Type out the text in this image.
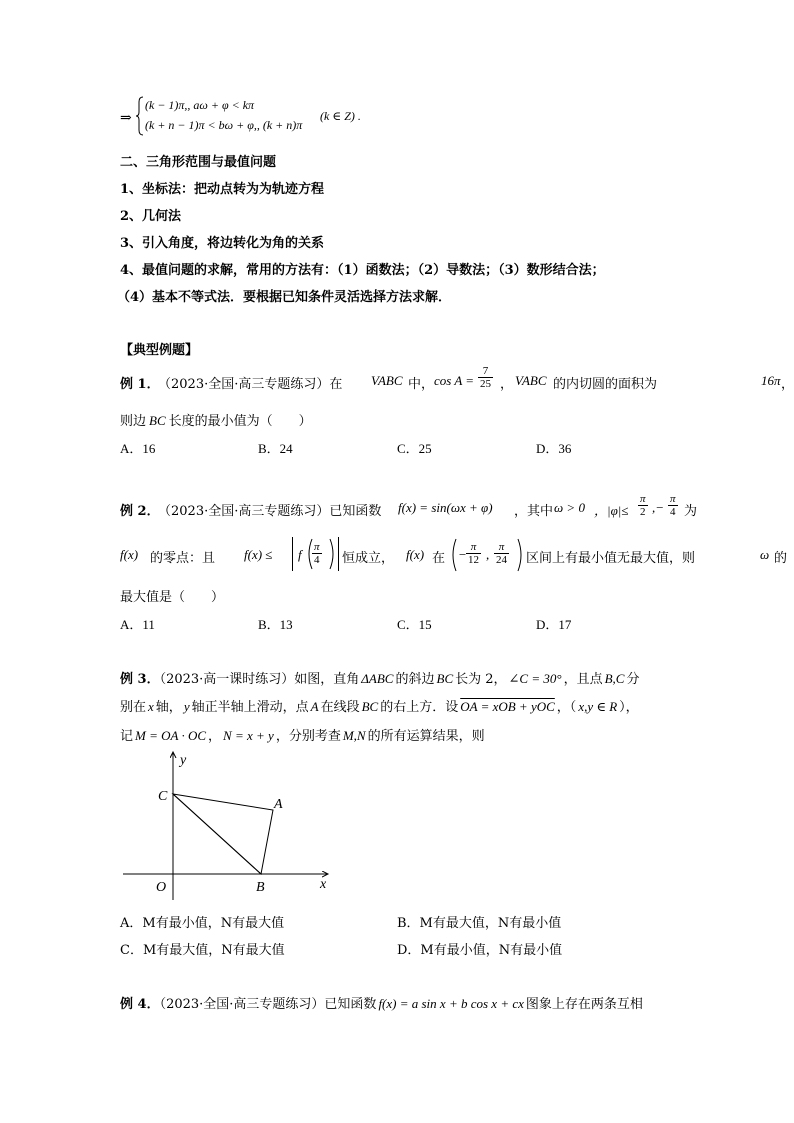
⇒
(k − 1)π,, aω + φ < kπ
(k + n − 1)π < bω + φ,, (k + n)π
(k ∈ Z) .
二、三角形范围与最值问题
1、坐标法：把动点转为为轨迹方程
2、几何法
3、引入角度，将边转化为角的关系
4、最值问题的求解，常用的方法有：（1）函数法；（2）导数法；（3）数形结合法；
（4）基本不等式法．要根据已知条件灵活选择方法求解．
【典型例题】
例 1．
（2023·全国·高三专题练习）在 VABC 中， $\cos A = \frac{7}{25}$ ， VABC 的内切圆的面积为	16π ，
则边 BC 长度的最小值为（　　）
A．16	B．24	C．25	D．36
例 2．
（2023·全国·高三专题练习）已知函数 f(x) = sin(ωx + φ) ，其中 ω > 0 ，$|\varphi|\le \frac{\pi}{2}$ ,− $\frac{\pi}{4}$ 为
f(x) 的零点：且 f(x) ≤ f $\frac{\pi}{4}$ 恒成立， f(x) 在 − $\frac{\pi}{12}$ , $\frac{\pi}{24}$ 区间上有最小值无最大值，则	ω 的
最大值是（　　）
A．11	B．13	C．15	D．17
例 3．（2023·高一课时练习）如图，直角 ΔABC 的斜边 BC 长为 2， ∠C = 30° ，且点 B,C 分
别在 x 轴， y 轴正半轴上滑动，点 A 在线段 BC 的右上方．设 OA = xOB + yOC ，（ x,y ∈ R ），
记 M = OA · OC ， N = x + y ，分别考查 M,N 的所有运算结果，则
y
x
C
A
O	B
A．M有最小值，N有最大值	B．M有最大值，N有最小值
C．M有最大值，N有最大值	D．M有最小值，N有最小值
例 4．（2023·全国·高三专题练习）已知函数 f(x) = a sin x + b cos x + cx 图象上存在两条互相
